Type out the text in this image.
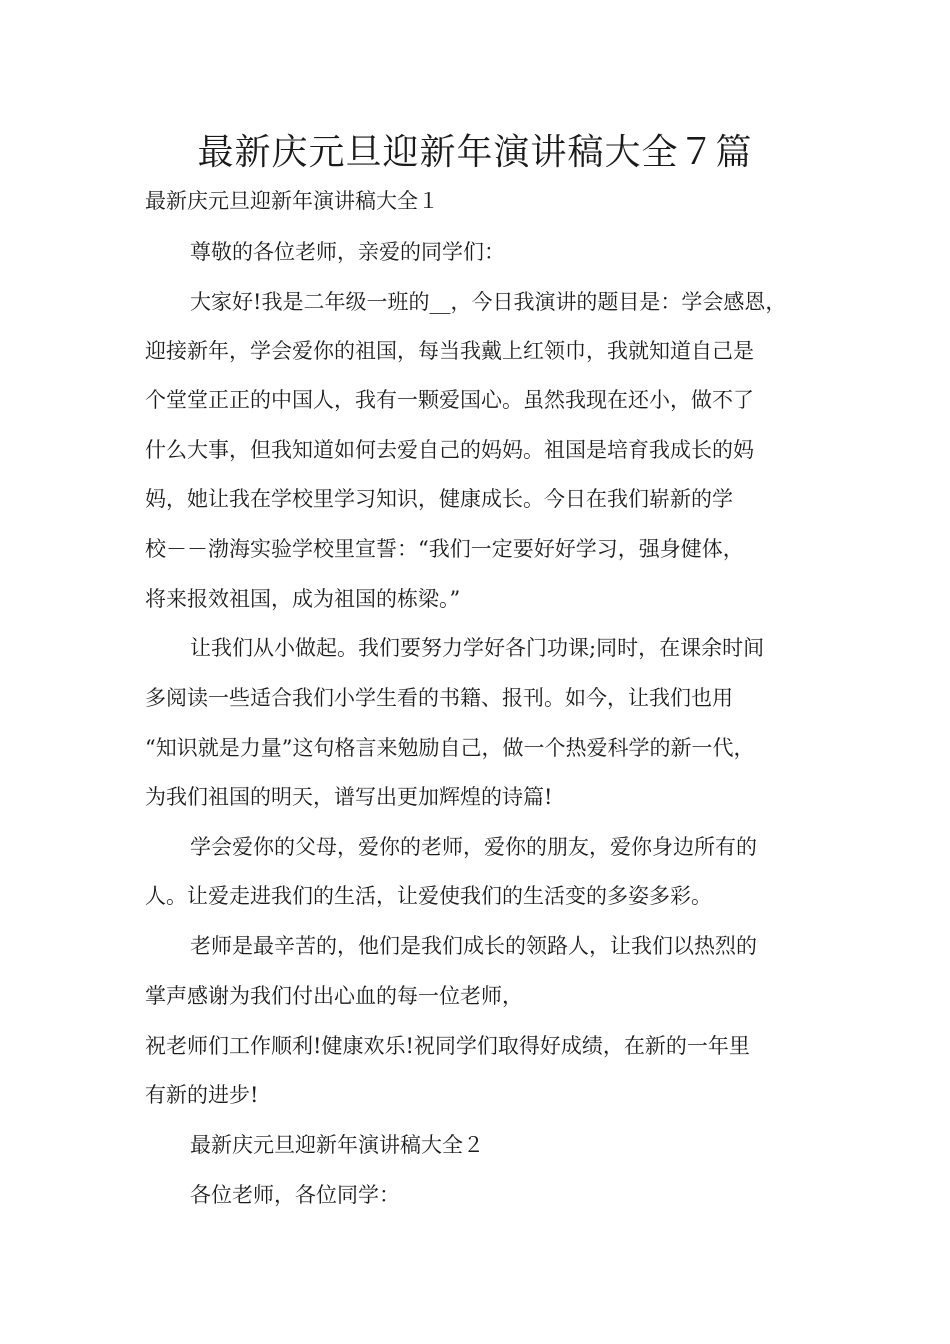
最新庆元旦迎新年演讲稿大全７篇

最新庆元旦迎新年演讲稿大全１

尊敬的各位老师，亲爱的同学们：

大家好!我是二年级一班的__，今日我演讲的题目是：学会感恩，

迎接新年，学会爱你的祖国，每当我戴上红领巾，我就知道自己是

个堂堂正正的中国人，我有一颗爱国心。虽然我现在还小，做不了

什么大事，但我知道如何去爱自己的妈妈。祖国是培育我成长的妈

妈，她让我在学校里学习知识，健康成长。今日在我们崭新的学

校－－渤海实验学校里宣誓：“我们一定要好好学习，强身健体，

将来报效祖国，成为祖国的栋梁。”

让我们从小做起。我们要努力学好各门功课;同时，在课余时间

多阅读一些适合我们小学生看的书籍、报刊。如今，让我们也用

“知识就是力量”这句格言来勉励自己，做一个热爱科学的新一代，

为我们祖国的明天，谱写出更加辉煌的诗篇!

学会爱你的父母，爱你的老师，爱你的朋友，爱你身边所有的

人。让爱走进我们的生活，让爱使我们的生活变的多姿多彩。

老师是最辛苦的，他们是我们成长的领路人，让我们以热烈的

掌声感谢为我们付出心血的每一位老师，

祝老师们工作顺利!健康欢乐!祝同学们取得好成绩，在新的一年里

有新的进步!

最新庆元旦迎新年演讲稿大全２

各位老师，各位同学：
